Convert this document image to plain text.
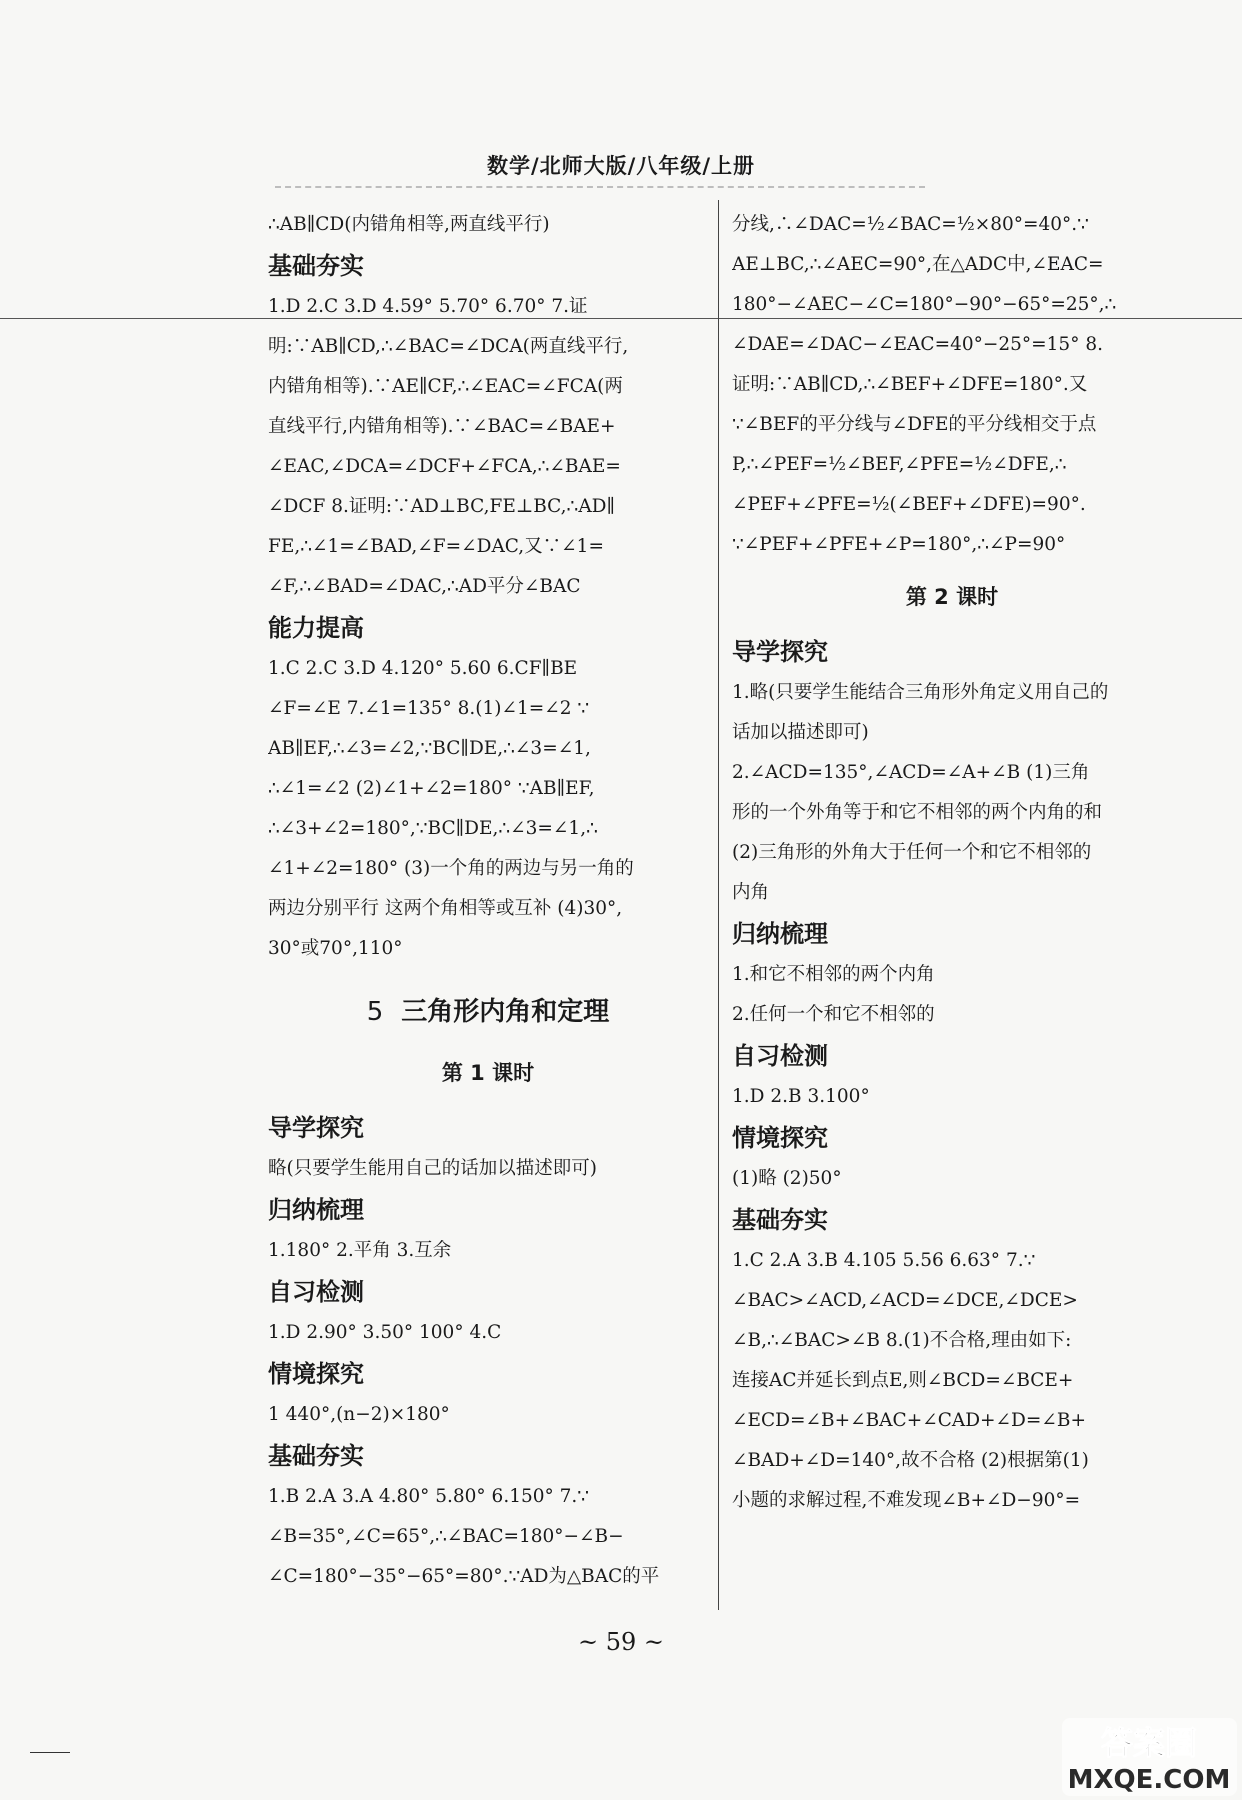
数学/北师大版/八年级/上册
∴AB∥CD(内错角相等,两直线平行)
基础夯实
1.D 2.C 3.D 4.59° 5.70° 6.70° 7.证
明:∵AB∥CD,∴∠BAC=∠DCA(两直线平行,
内错角相等).∵AE∥CF,∴∠EAC=∠FCA(两
直线平行,内错角相等).∵∠BAC=∠BAE+
∠EAC,∠DCA=∠DCF+∠FCA,∴∠BAE=
∠DCF 8.证明:∵AD⊥BC,FE⊥BC,∴AD∥
FE,∴∠1=∠BAD,∠F=∠DAC,又∵∠1=
∠F,∴∠BAD=∠DAC,∴AD平分∠BAC
能力提高
1.C 2.C 3.D 4.120° 5.60 6.CF∥BE
∠F=∠E 7.∠1=135° 8.(1)∠1=∠2 ∵
AB∥EF,∴∠3=∠2,∵BC∥DE,∴∠3=∠1,
∴∠1=∠2 (2)∠1+∠2=180° ∵AB∥EF,
∴∠3+∠2=180°,∵BC∥DE,∴∠3=∠1,∴
∠1+∠2=180° (3)一个角的两边与另一角的
两边分别平行 这两个角相等或互补 (4)30°,
30°或70°,110°
5 三角形内角和定理
第 1 课时
导学探究
略(只要学生能用自己的话加以描述即可)
归纳梳理
1.180° 2.平角 3.互余
自习检测
1.D 2.90° 3.50° 100° 4.C
情境探究
1 440°,(n−2)×180°
基础夯实
1.B 2.A 3.A 4.80° 5.80° 6.150° 7.∵
∠B=35°,∠C=65°,∴∠BAC=180°−∠B−
∠C=180°−35°−65°=80°.∵AD为△BAC的平
分线,∴∠DAC=½∠BAC=½×80°=40°.∵
AE⊥BC,∴∠AEC=90°,在△ADC中,∠EAC=
180°−∠AEC−∠C=180°−90°−65°=25°,∴
∠DAE=∠DAC−∠EAC=40°−25°=15° 8.
证明:∵AB∥CD,∴∠BEF+∠DFE=180°.又
∵∠BEF的平分线与∠DFE的平分线相交于点
P,∴∠PEF=½∠BEF,∠PFE=½∠DFE,∴
∠PEF+∠PFE=½(∠BEF+∠DFE)=90°.
∵∠PEF+∠PFE+∠P=180°,∴∠P=90°
第 2 课时
导学探究
1.略(只要学生能结合三角形外角定义用自己的
话加以描述即可)
2.∠ACD=135°,∠ACD=∠A+∠B (1)三角
形的一个外角等于和它不相邻的两个内角的和
(2)三角形的外角大于任何一个和它不相邻的
内角
归纳梳理
1.和它不相邻的两个内角
2.任何一个和它不相邻的
自习检测
1.D 2.B 3.100°
情境探究
(1)略 (2)50°
基础夯实
1.C 2.A 3.B 4.105 5.56 6.63° 7.∵
∠BAC>∠ACD,∠ACD=∠DCE,∠DCE>
∠B,∴∠BAC>∠B 8.(1)不合格,理由如下:
连接AC并延长到点E,则∠BCD=∠BCE+
∠ECD=∠B+∠BAC+∠CAD+∠D=∠B+
∠BAD+∠D=140°,故不合格 (2)根据第(1)
小题的求解过程,不难发现∠B+∠D−90°=
~ 59 ~
答案圈
MXQE.COM
